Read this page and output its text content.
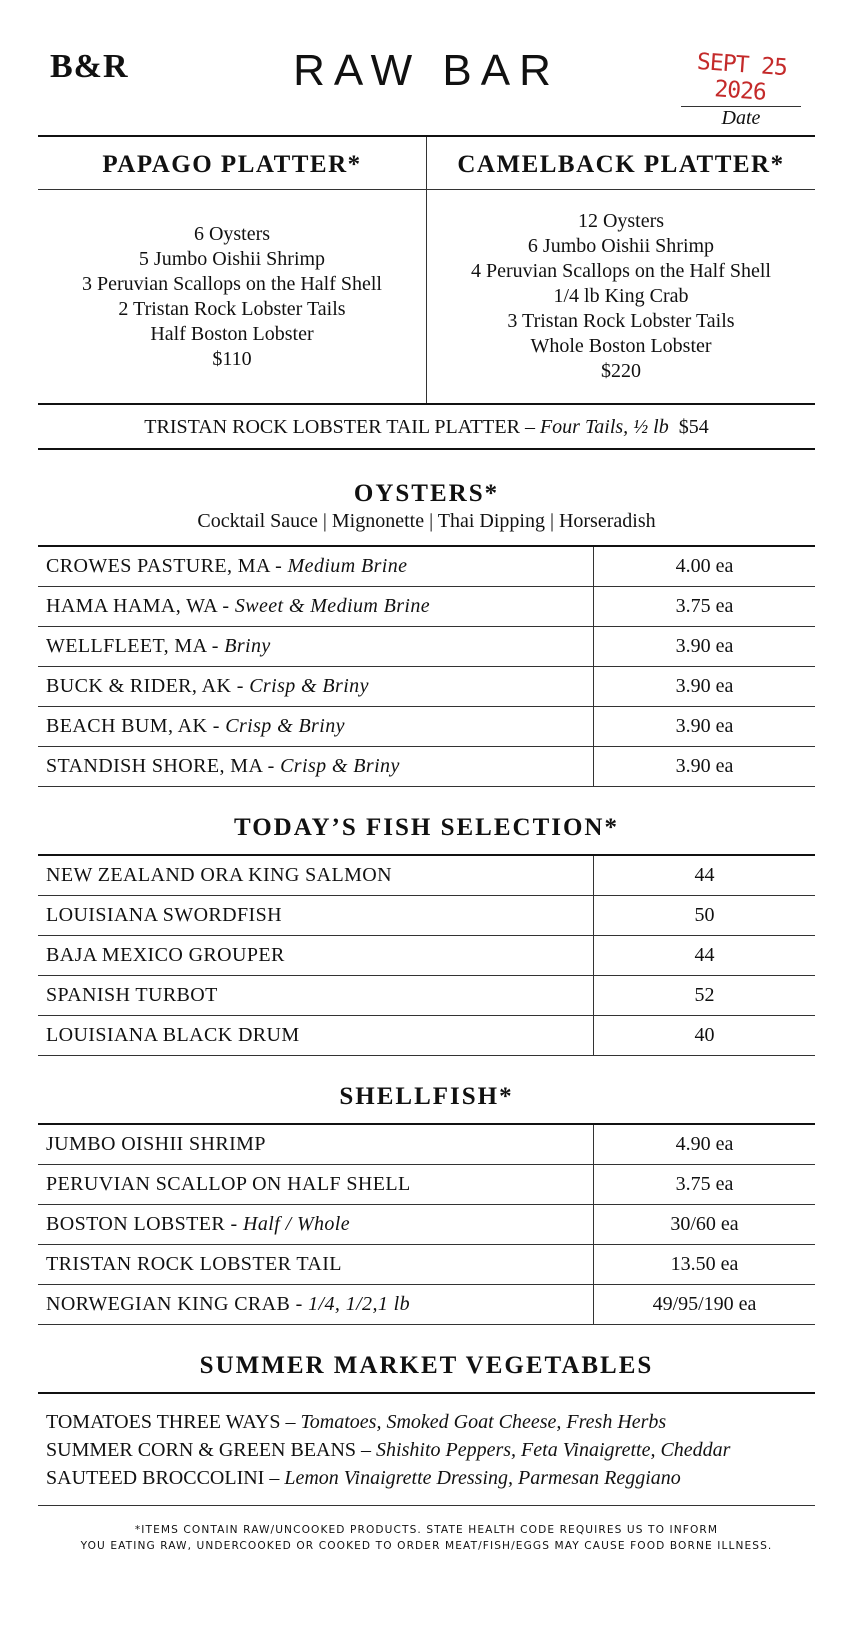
B&R	RAW BAR	SEPT 25 2026
Date
PAPAGO PLATTER*
6 Oysters
5 Jumbo Oishii Shrimp
3 Peruvian Scallops on the Half Shell
2 Tristan Rock Lobster Tails
Half Boston Lobster
$110
CAMELBACK PLATTER*
12 Oysters
6 Jumbo Oishii Shrimp
4 Peruvian Scallops on the Half Shell
1/4 lb King Crab
3 Tristan Rock Lobster Tails
Whole Boston Lobster
$220
TRISTAN ROCK LOBSTER TAIL PLATTER – Four Tails, ½ lb $54
OYSTERS*
Cocktail Sauce | Mignonette | Thai Dipping | Horseradish
CROWES PASTURE, MA - Medium Brine	4.00 ea
HAMA HAMA, WA - Sweet & Medium Brine	3.75 ea
WELLFLEET, MA - Briny	3.90 ea
BUCK & RIDER, AK - Crisp & Briny	3.90 ea
BEACH BUM, AK - Crisp & Briny	3.90 ea
STANDISH SHORE, MA - Crisp & Briny	3.90 ea
TODAY’S FISH SELECTION*
NEW ZEALAND ORA KING SALMON	44
LOUISIANA SWORDFISH	50
BAJA MEXICO GROUPER	44
SPANISH TURBOT	52
LOUISIANA BLACK DRUM	40
SHELLFISH*
JUMBO OISHII SHRIMP	4.90 ea
PERUVIAN SCALLOP ON HALF SHELL	3.75 ea
BOSTON LOBSTER - Half / Whole	30/60 ea
TRISTAN ROCK LOBSTER TAIL	13.50 ea
NORWEGIAN KING CRAB - 1/4, 1/2,1 lb	49/95/190 ea
SUMMER MARKET VEGETABLES
TOMATOES THREE WAYS – Tomatoes, Smoked Goat Cheese, Fresh Herbs
SUMMER CORN & GREEN BEANS – Shishito Peppers, Feta Vinaigrette, Cheddar
SAUTEED BROCCOLINI – Lemon Vinaigrette Dressing, Parmesan Reggiano
*ITEMS CONTAIN RAW/UNCOOKED PRODUCTS. STATE HEALTH CODE REQUIRES US TO INFORM
YOU EATING RAW, UNDERCOOKED OR COOKED TO ORDER MEAT/FISH/EGGS MAY CAUSE FOOD BORNE ILLNESS.
